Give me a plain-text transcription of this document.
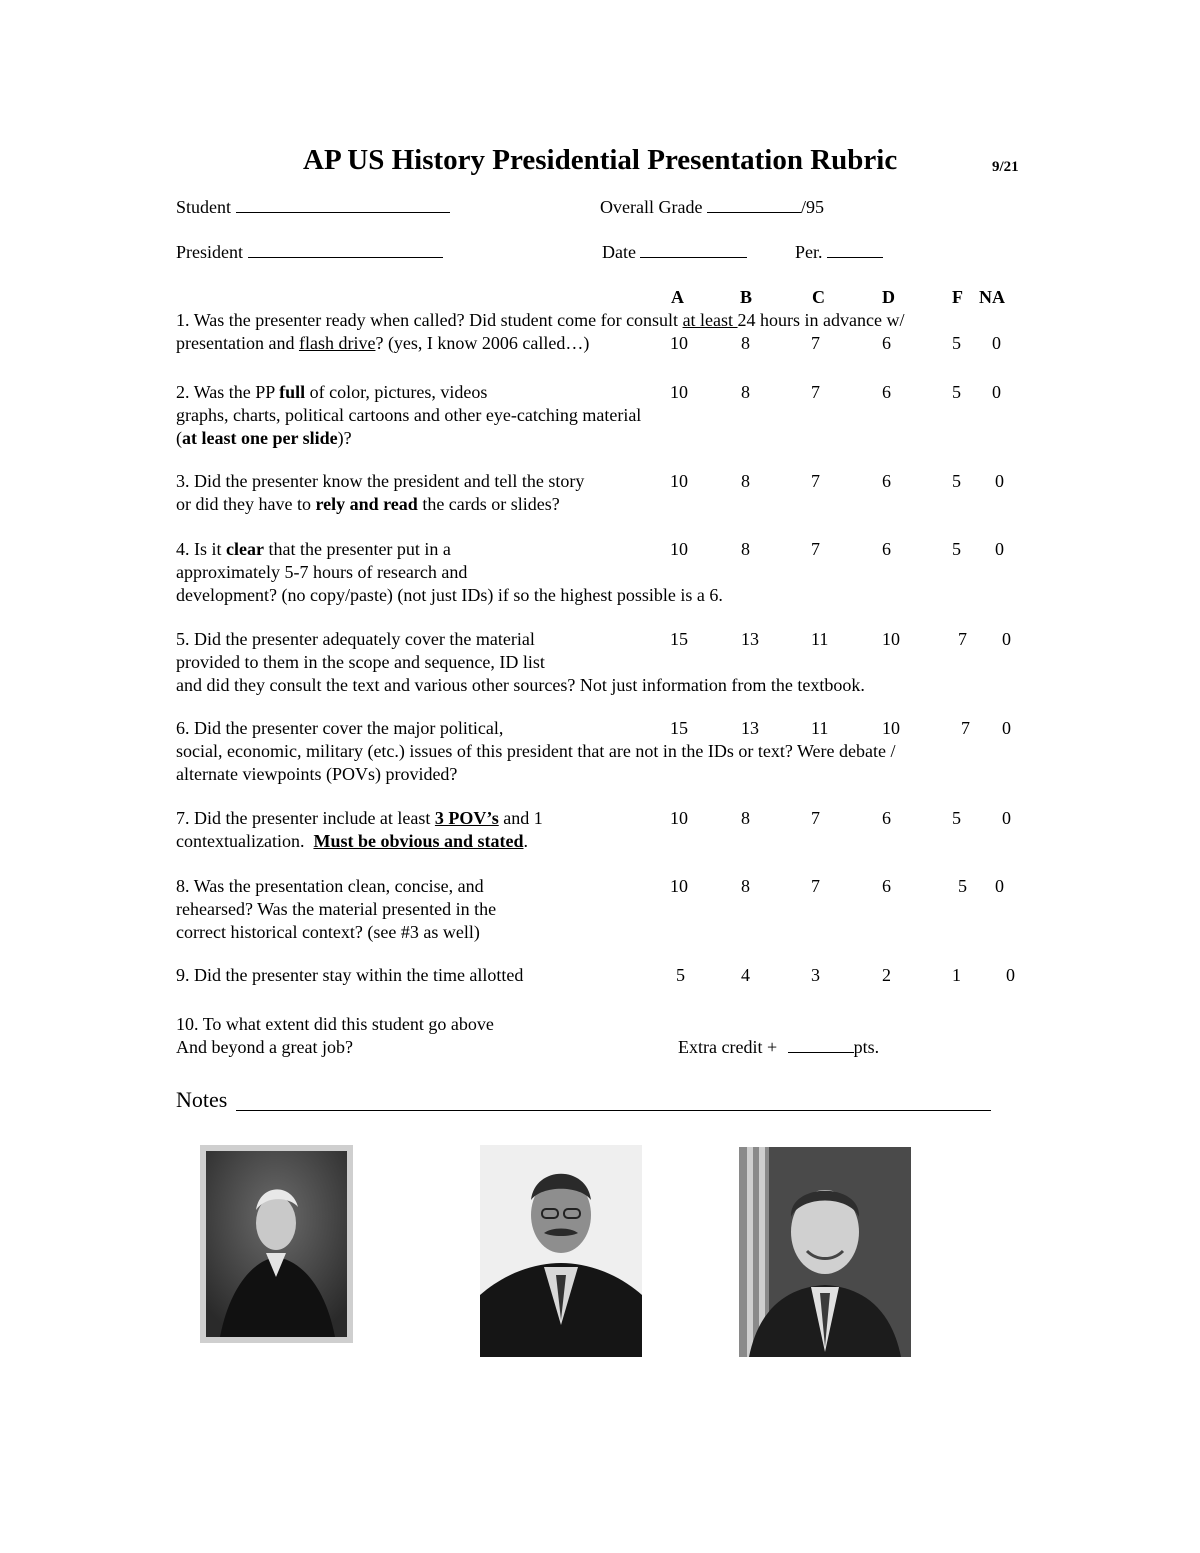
AP US History Presidential Presentation Rubric	9/21
Student	Overall Grade	/95
President	Date	Per.
A	B	C	D	F NA
1. Was the presenter ready when called? Did student come for consult at least 24 hours in advance w/
presentation and flash drive? (yes, I know 2006 called…)	10	8	7	6	5 0
2. Was the PP full of color, pictures, videos
graphs, charts, political cartoons and other eye-catching material
(at least one per slide)?
10	8	7	6	5 0
3. Did the presenter know the president and tell the story
or did they have to rely and read the cards or slides?
10	8	7	6	5 0
4. Is it clear that the presenter put in a
approximately 5-7 hours of research and
development? (no copy/paste) (not just IDs) if so the highest possible is a 6.
10	8	7	6	5 0
5. Did the presenter adequately cover the material
provided to them in the scope and sequence, ID list
and did they consult the text and various other sources? Not just information from the textbook.
15	13	11	10	7 0
6. Did the presenter cover the major political,
social, economic, military (etc.) issues of this president that are not in the IDs or text? Were debate /
alternate viewpoints (POVs) provided?
15	13	11	10	7 0
7. Did the presenter include at least 3 POV’s and 1
contextualization.  Must be obvious and stated.
10	8	7	6	5 0
8. Was the presentation clean, concise, and
rehearsed? Was the material presented in the
correct historical context? (see #3 as well)
10	8	7	6	5 0
9. Did the presenter stay within the time allotted	5	4	3	2	1	0
10. To what extent did this student go above
And beyond a great job?	Extra credit +	pts.
Notes
